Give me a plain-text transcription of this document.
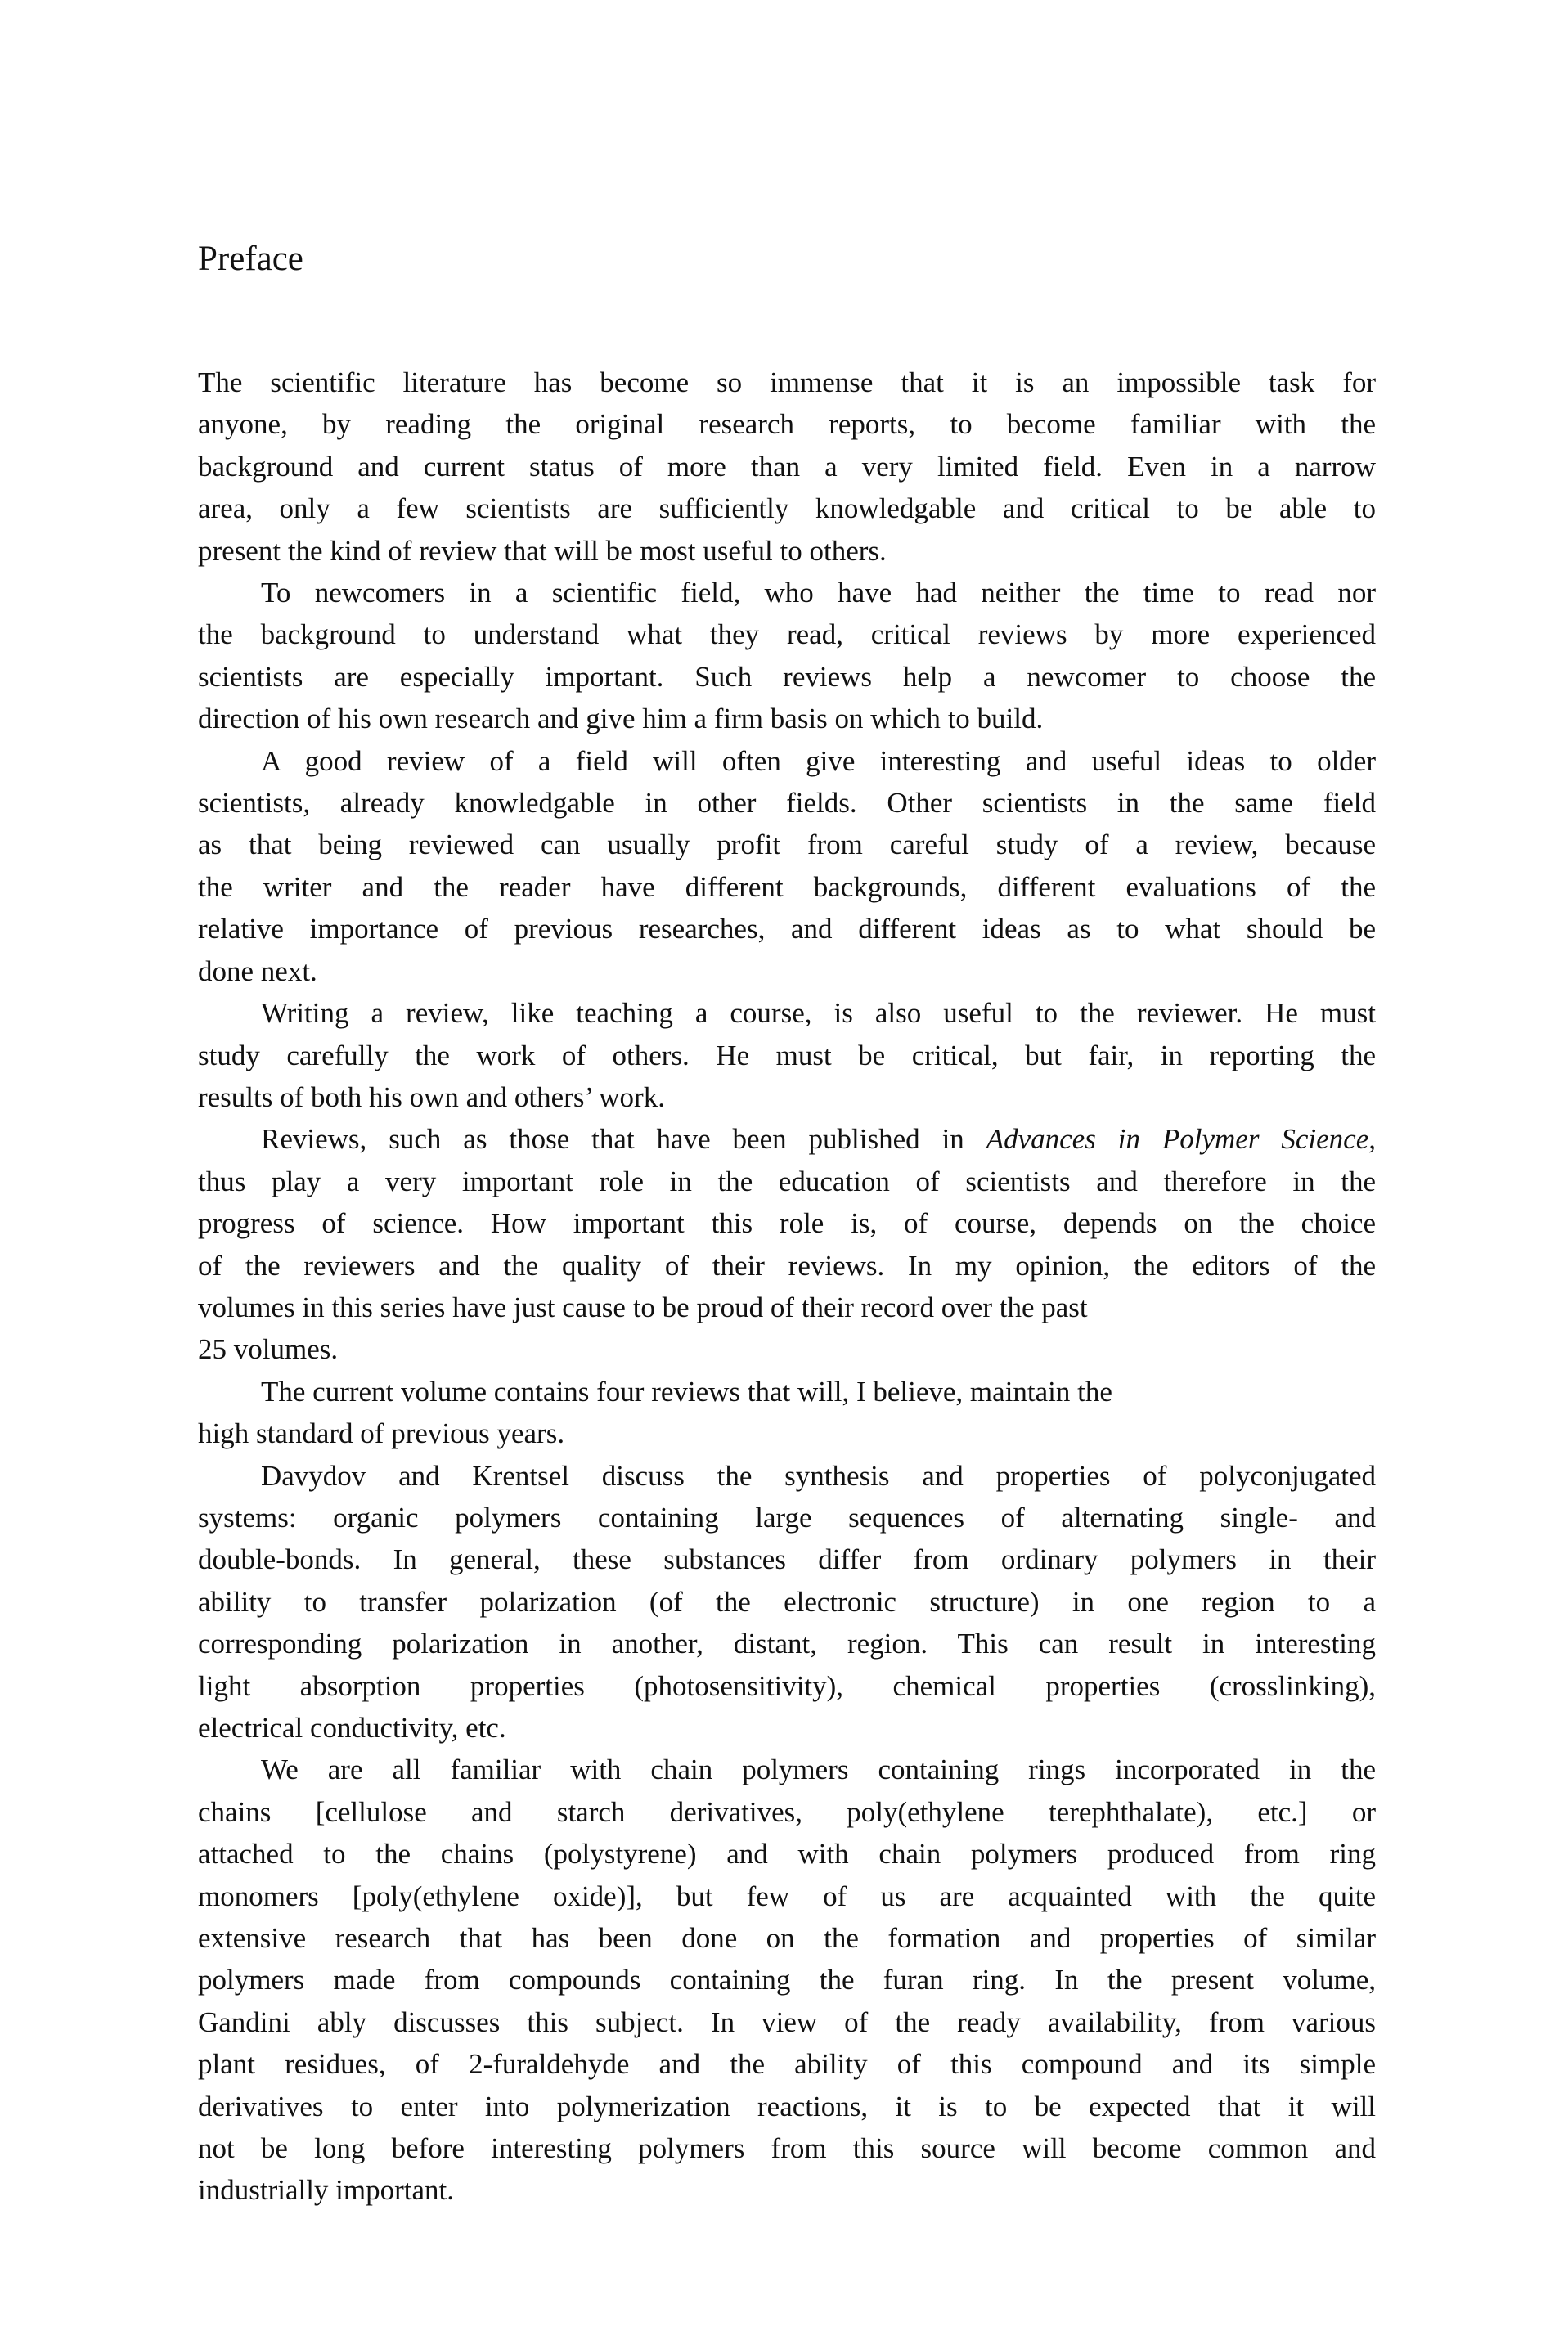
Preface
The scientific literature has become so immense that it is an impossible task for
anyone, by reading the original research reports, to become familiar with the
background and current status of more than a very limited field. Even in a narrow
area, only a few scientists are sufficiently knowledgable and critical to be able to
present the kind of review that will be most useful to others.
To newcomers in a scientific field, who have had neither the time to read nor
the background to understand what they read, critical reviews by more experienced
scientists are especially important. Such reviews help a newcomer to choose the
direction of his own research and give him a firm basis on which to build.
A good review of a field will often give interesting and useful ideas to older
scientists, already knowledgable in other fields. Other scientists in the same field
as that being reviewed can usually profit from careful study of a review, because
the writer and the reader have different backgrounds, different evaluations of the
relative importance of previous researches, and different ideas as to what should be
done next.
Writing a review, like teaching a course, is also useful to the reviewer. He must
study carefully the work of others. He must be critical, but fair, in reporting the
results of both his own and others’ work.
Reviews, such as those that have been published in Advances in Polymer Science,
thus play a very important role in the education of scientists and therefore in the
progress of science. How important this role is, of course, depends on the choice
of the reviewers and the quality of their reviews. In my opinion, the editors of the
volumes in this series have just cause to be proud of their record over the past
25 volumes.
The current volume contains four reviews that will, I believe, maintain the
high standard of previous years.
Davydov and Krentsel discuss the synthesis and properties of polyconjugated
systems: organic polymers containing large sequences of alternating single- and
double-bonds. In general, these substances differ from ordinary polymers in their
ability to transfer polarization (of the electronic structure) in one region to a
corresponding polarization in another, distant, region. This can result in interesting
light absorption properties (photosensitivity), chemical properties (crosslinking),
electrical conductivity, etc.
We are all familiar with chain polymers containing rings incorporated in the
chains [cellulose and starch derivatives, poly(ethylene terephthalate), etc.] or
attached to the chains (polystyrene) and with chain polymers produced from ring
monomers [poly(ethylene oxide)], but few of us are acquainted with the quite
extensive research that has been done on the formation and properties of similar
polymers made from compounds containing the furan ring. In the present volume,
Gandini ably discusses this subject. In view of the ready availability, from various
plant residues, of 2-furaldehyde and the ability of this compound and its simple
derivatives to enter into polymerization reactions, it is to be expected that it will
not be long before interesting polymers from this source will become common and
industrially important.
